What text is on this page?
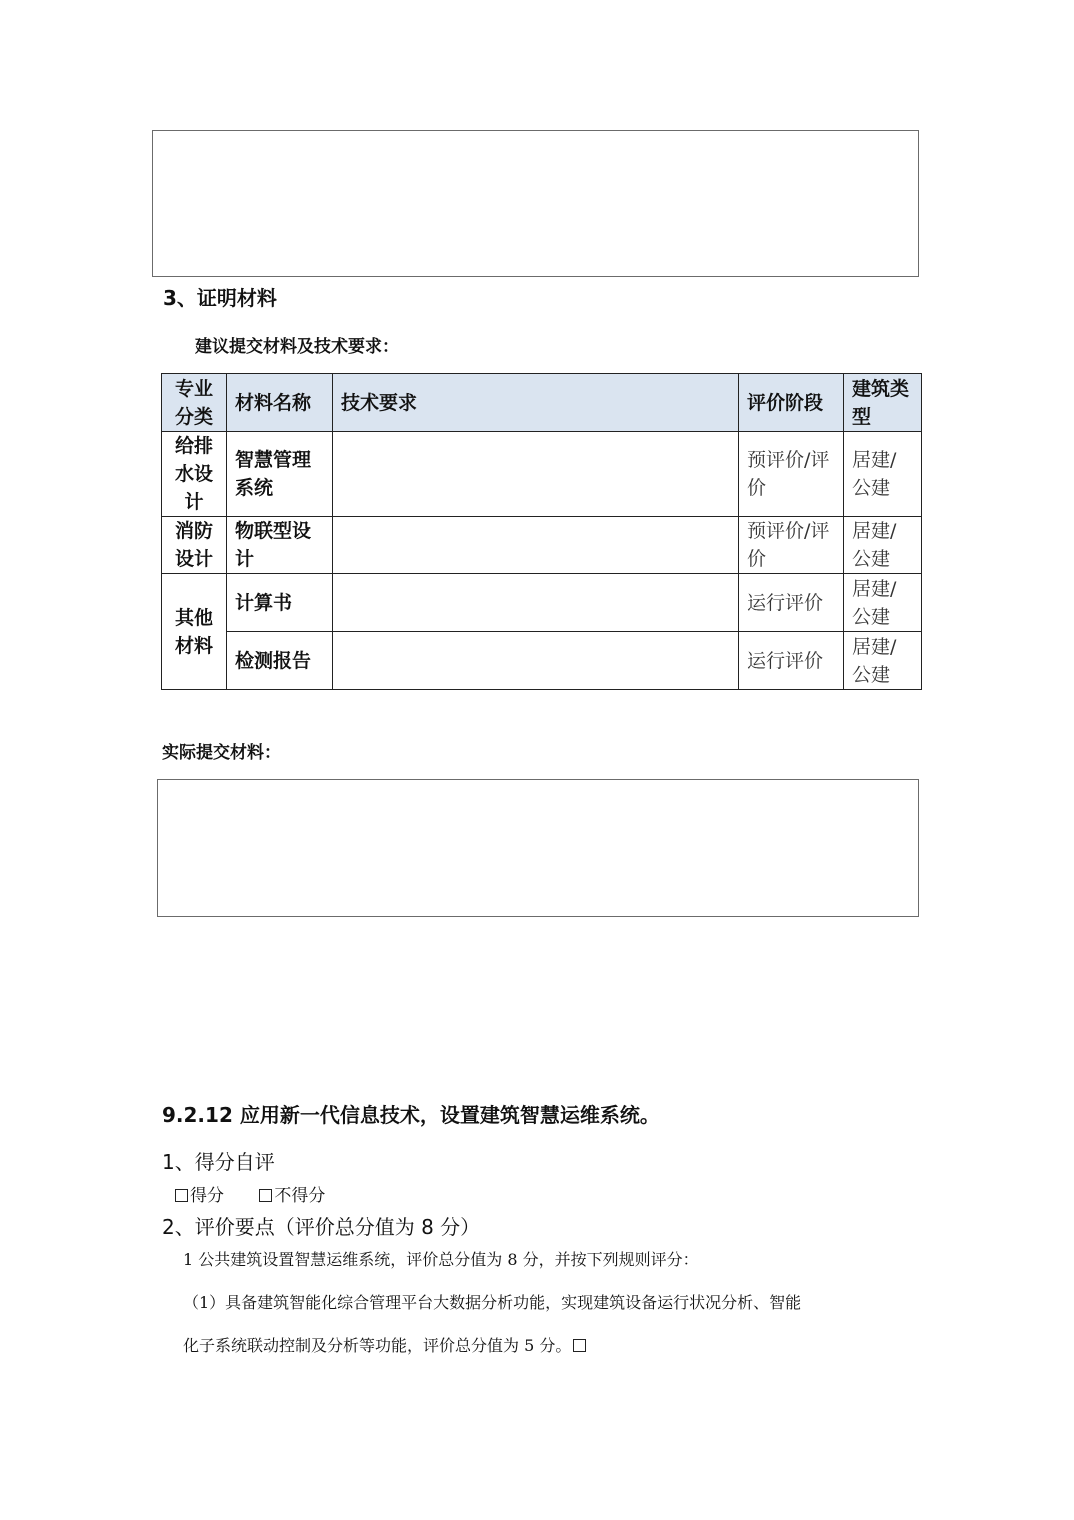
3、证明材料
建议提交材料及技术要求：
专业分类	材料名称	技术要求	评价阶段	建筑类型
给排水设计	智慧管理系统		预评价/评价	居建/公建
消防设计	物联型设计		预评价/评价	居建/公建
其他材料	计算书		运行评价	居建/公建
	检测报告		运行评价	居建/公建
实际提交材料：
9.2.12 应用新一代信息技术，设置建筑智慧运维系统。
1、得分自评
得分	不得分
2、评价要点（评价总分值为 8 分）
1 公共建筑设置智慧运维系统，评价总分值为 8 分，并按下列规则评分：
（1）具备建筑智能化综合管理平台大数据分析功能，实现建筑设备运行状况分析、智能
化子系统联动控制及分析等功能，评价总分值为 5 分。
